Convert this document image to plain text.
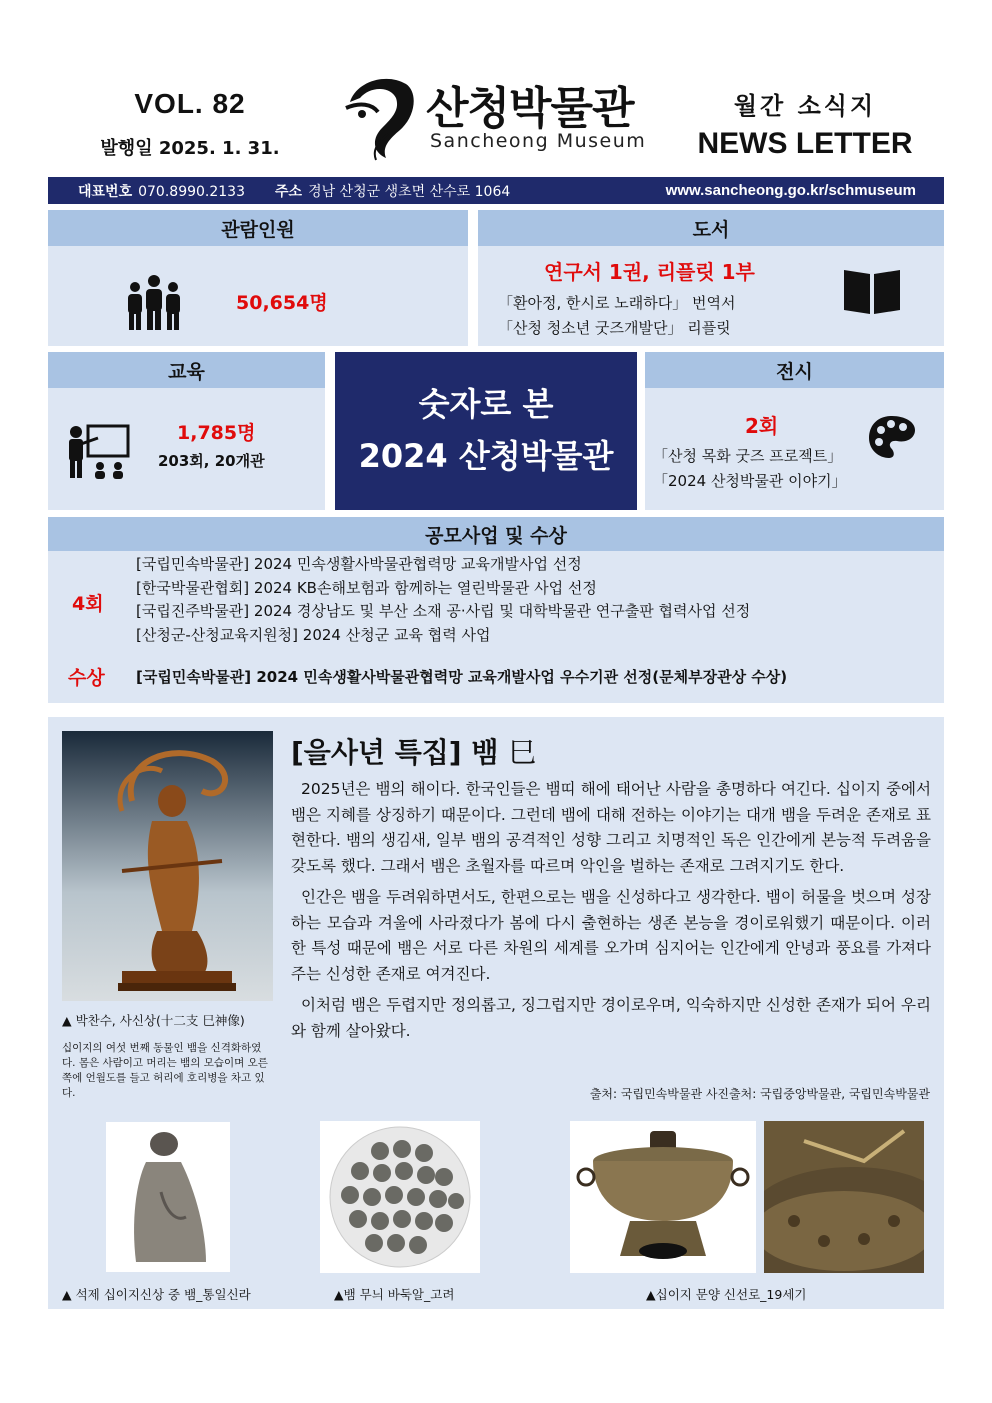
VOL. 82
발행일 2025. 1. 31.
산청박물관
Sancheong Museum
월간 소식지
NEWS LETTER
대표번호 070.8990.2133 주소 경남 산청군 생초면 산수로 1064	www.sancheong.go.kr/schmuseum
관람인원
50,654명
도서
연구서 1권, 리플릿 1부
「환아정, 한시로 노래하다」 번역서
「산청 청소년 굿즈개발단」 리플릿
교육
1,785명
203회, 20개관
숫자로 본
2024 산청박물관
전시
2회
「산청 목화 굿즈 프로젝트」
「2024 산청박물관 이야기」
공모사업 및 수상
4회
[국립민속박물관] 2024 민속생활사박물관협력망 교육개발사업 선정
[한국박물관협회] 2024 KB손해보험과 함께하는 열린박물관 사업 선정
[국립진주박물관] 2024 경상남도 및 부산 소재 공·사립 및 대학박물관 연구출판 협력사업 선정
[산청군-산청교육지원청] 2024 산청군 교육 협력 사업
수상 [국립민속박물관] 2024 민속생활사박물관협력망 교육개발사업 우수기관 선정(문체부장관상 수상)
▲ 박찬수, 사신상(十二支 巳神像)
십이지의 여섯 번째 동물인 뱀을 신격화하였다. 몸은 사람이고 머리는 뱀의 모습이며 오른쪽에 언월도를 들고 허리에 호리병을 차고 있다.
[을사년 특집] 뱀 巳

2025년은 뱀의 해이다. 한국인들은 뱀띠 해에 태어난 사람을 총명하다 여긴다. 십이지 중에서 뱀은 지혜를 상징하기 때문이다. 그런데 뱀에 대해 전하는 이야기는 대개 뱀을 두려운 존재로 표현한다. 뱀의 생김새, 일부 뱀의 공격적인 성향 그리고 치명적인 독은 인간에게 본능적 두려움을 갖도록 했다. 그래서 뱀은 초월자를 따르며 악인을 벌하는 존재로 그려지기도 한다.

인간은 뱀을 두려워하면서도, 한편으로는 뱀을 신성하다고 생각한다. 뱀이 허물을 벗으며 성장하는 모습과 겨울에 사라졌다가 봄에 다시 출현하는 생존 본능을 경이로워했기 때문이다. 이러한 특성 때문에 뱀은 서로 다른 차원의 세계를 오가며 심지어는 인간에게 안녕과 풍요를 가져다주는 신성한 존재로 여겨진다.

이처럼 뱀은 두렵지만 정의롭고, 징그럽지만 경이로우며, 익숙하지만 신성한 존재가 되어 우리와 함께 살아왔다.

출처: 국립민속박물관 사진출처: 국립중앙박물관, 국립민속박물관
▲ 석제 십이지신상 중 뱀_통일신라	▲뱀 무늬 바둑알_고려	▲십이지 문양 신선로_19세기
